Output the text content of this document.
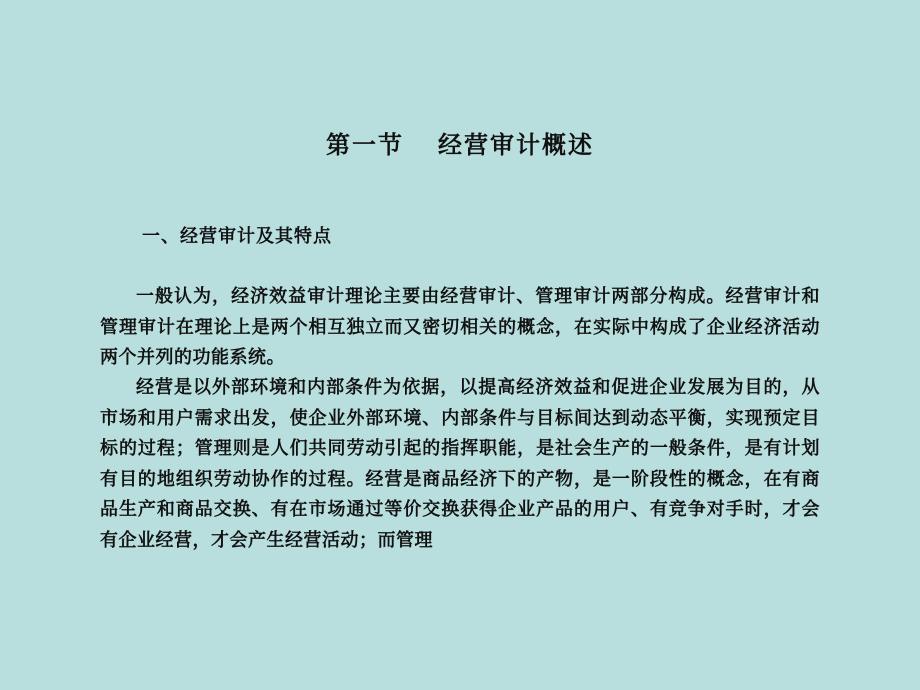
第一节 经营审计概述
一、经营审计及其特点
一般认为，经济效益审计理论主要由经营审计、管理审计两部分构成。经营审计和管理审计在理论上是两个相互独立而又密切相关的概念，在实际中构成了企业经济活动两个并列的功能系统。
经营是以外部环境和内部条件为依据，以提高经济效益和促进企业发展为目的，从市场和用户需求出发，使企业外部环境、内部条件与目标间达到动态平衡，实现预定目标的过程；管理则是人们共同劳动引起的指挥职能，是社会生产的一般条件，是有计划有目的地组织劳动协作的过程。经营是商品经济下的产物，是一阶段性的概念，在有商品生产和商品交换、有在市场通过等价交换获得企业产品的用户、有竞争对手时，才会有企业经营，才会产生经营活动；而管理
